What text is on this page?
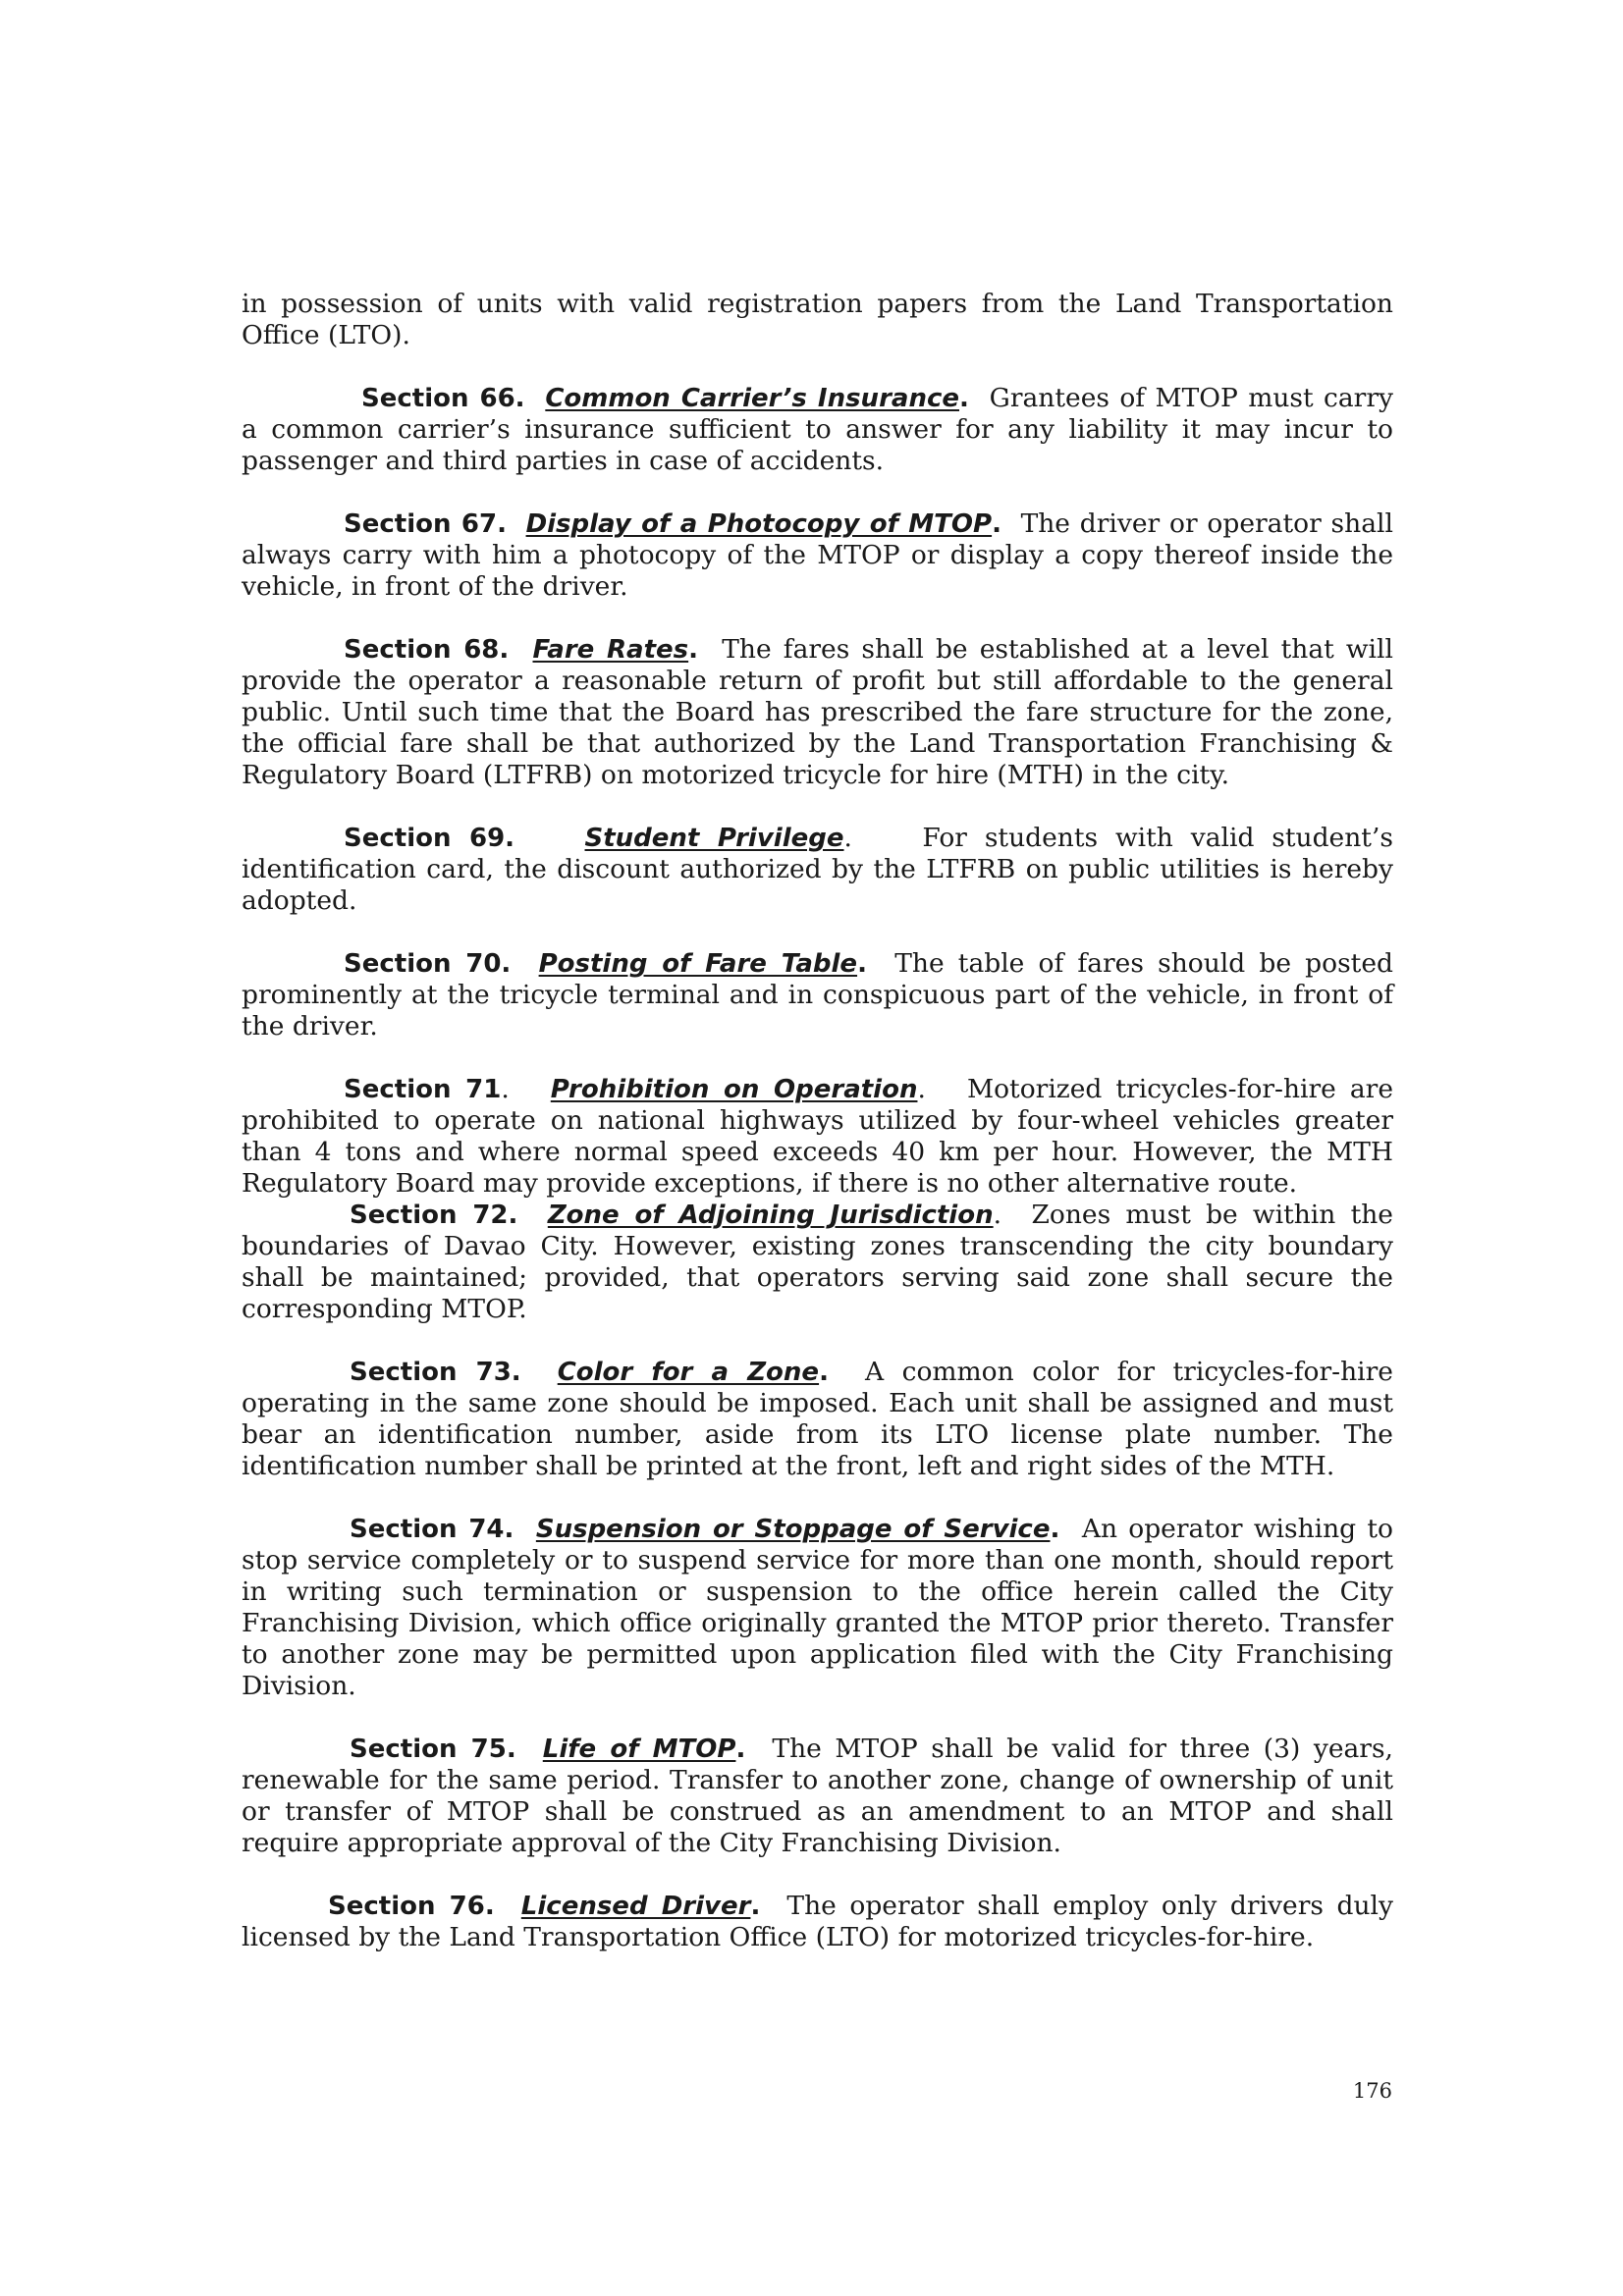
in possession of units with valid registration papers from the Land Transportation Office (LTO).

Section 66. Common Carrier’s Insurance. Grantees of MTOP must carry a common carrier’s insurance sufficient to answer for any liability it may incur to passenger and third parties in case of accidents.

Section 67. Display of a Photocopy of MTOP. The driver or operator shall always carry with him a photocopy of the MTOP or display a copy thereof inside the vehicle, in front of the driver.

Section 68. Fare Rates. The fares shall be established at a level that will provide the operator a reasonable return of profit but still affordable to the general public. Until such time that the Board has prescribed the fare structure for the zone, the official fare shall be that authorized by the Land Transportation Franchising & Regulatory Board (LTFRB) on motorized tricycle for hire (MTH) in the city.

Section 69.	Student Privilege.	For students with valid student’s identification card, the discount authorized by the LTFRB on public utilities is hereby adopted.

Section 70. Posting of Fare Table. The table of fares should be posted prominently at the tricycle terminal and in conspicuous part of the vehicle, in front of the driver.

Section 71.   Prohibition on Operation. Motorized tricycles-for-hire are prohibited to operate on national highways utilized by four-wheel vehicles greater than 4 tons and where normal speed exceeds 40 km per hour. However, the MTH Regulatory Board may provide exceptions, if there is no other alternative route.

Section 72. Zone of Adjoining Jurisdiction. Zones must be within the boundaries of Davao City. However, existing zones transcending the city boundary shall be maintained; provided, that operators serving said zone shall secure the corresponding MTOP.

Section 73. Color for a Zone. A common color for tricycles-for-hire operating in the same zone should be imposed. Each unit shall be assigned and must bear an identification number, aside from its LTO license plate number. The identification number shall be printed at the front, left and right sides of the MTH.

Section 74. Suspension or Stoppage of Service. An operator wishing to stop service completely or to suspend service for more than one month, should report in writing such termination or suspension to the office herein called the City Franchising Division, which office originally granted the MTOP prior thereto. Transfer to another zone may be permitted upon application filed with the City Franchising Division.

Section 75. Life of MTOP. The MTOP shall be valid for three (3) years, renewable for the same period. Transfer to another zone, change of ownership of unit or transfer of MTOP shall be construed as an amendment to an MTOP and shall require appropriate approval of the City Franchising Division.

Section 76. Licensed Driver. The operator shall employ only drivers duly licensed by the Land Transportation Office (LTO) for motorized tricycles-for-hire.

176
